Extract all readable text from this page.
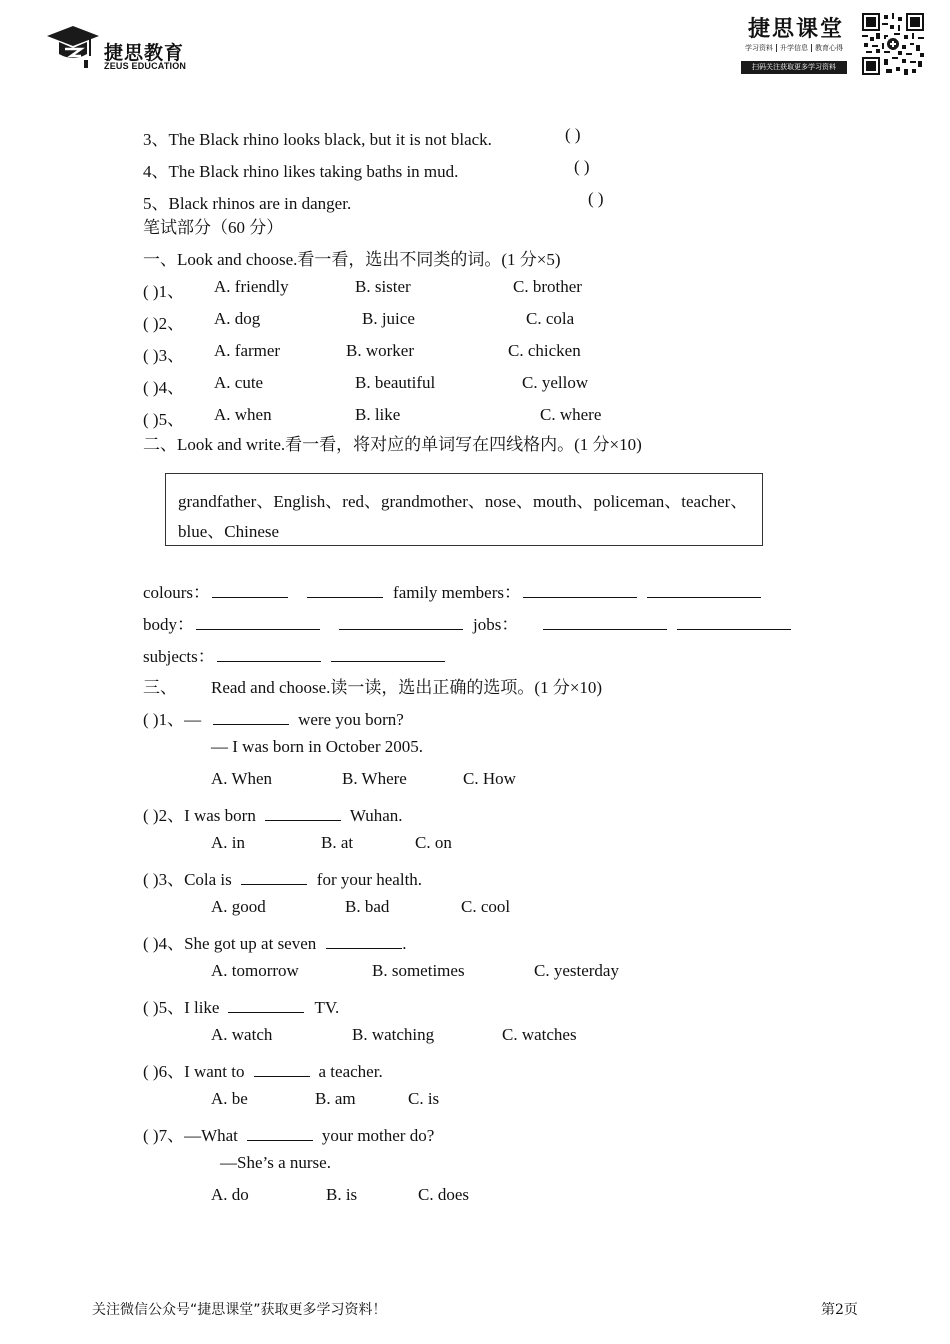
捷思教育
ZEUS EDUCATION
捷思课堂
学习资料 升学信息 教育心得
扫码关注获取更多学习资料
3、The Black rhino looks black, but it is not black.	( )
4、The Black rhino likes taking baths in mud.	( )
5、Black rhinos are in danger.	( )
笔试部分（60 分）
一、Look and choose.看一看，选出不同类的词。(1 分×5)
( )1、 A. friendly	B. sister	C. brother
( )2、 A. dog	B. juice	C. cola
( )3、 A. farmer	B. worker	C. chicken
( )4、 A. cute	B. beautiful	C. yellow
( )5、 A. when	B. like	C. where
二、Look and write.看一看，将对应的单词写在四线格内。(1 分×10)
grandfather、English、red、grandmother、nose、mouth、policeman、teacher、blue、Chinese
colours：	family members：
body：	jobs：
subjects：
三、 Read and choose.读一读，选出正确的选项。(1 分×10)
( )1、—	were you born?
— I was born in October 2005.
A. When	B. Where	C. How
( )2、I was born	Wuhan.
A. in	B. at	C. on
( )3、Cola is	for your health.
A. good	B. bad	C. cool
( )4、She got up at seven	.
A. tomorrow	B. sometimes	C. yesterday
( )5、I like	TV.
A. watch	B. watching	C. watches
( )6、I want to	a teacher.
A. be	B. am	C. is
( )7、—What	your mother do?
—She’s a nurse.
A. do	B. is	C. does
关注微信公众号“捷思课堂”获取更多学习资料！	第2页
